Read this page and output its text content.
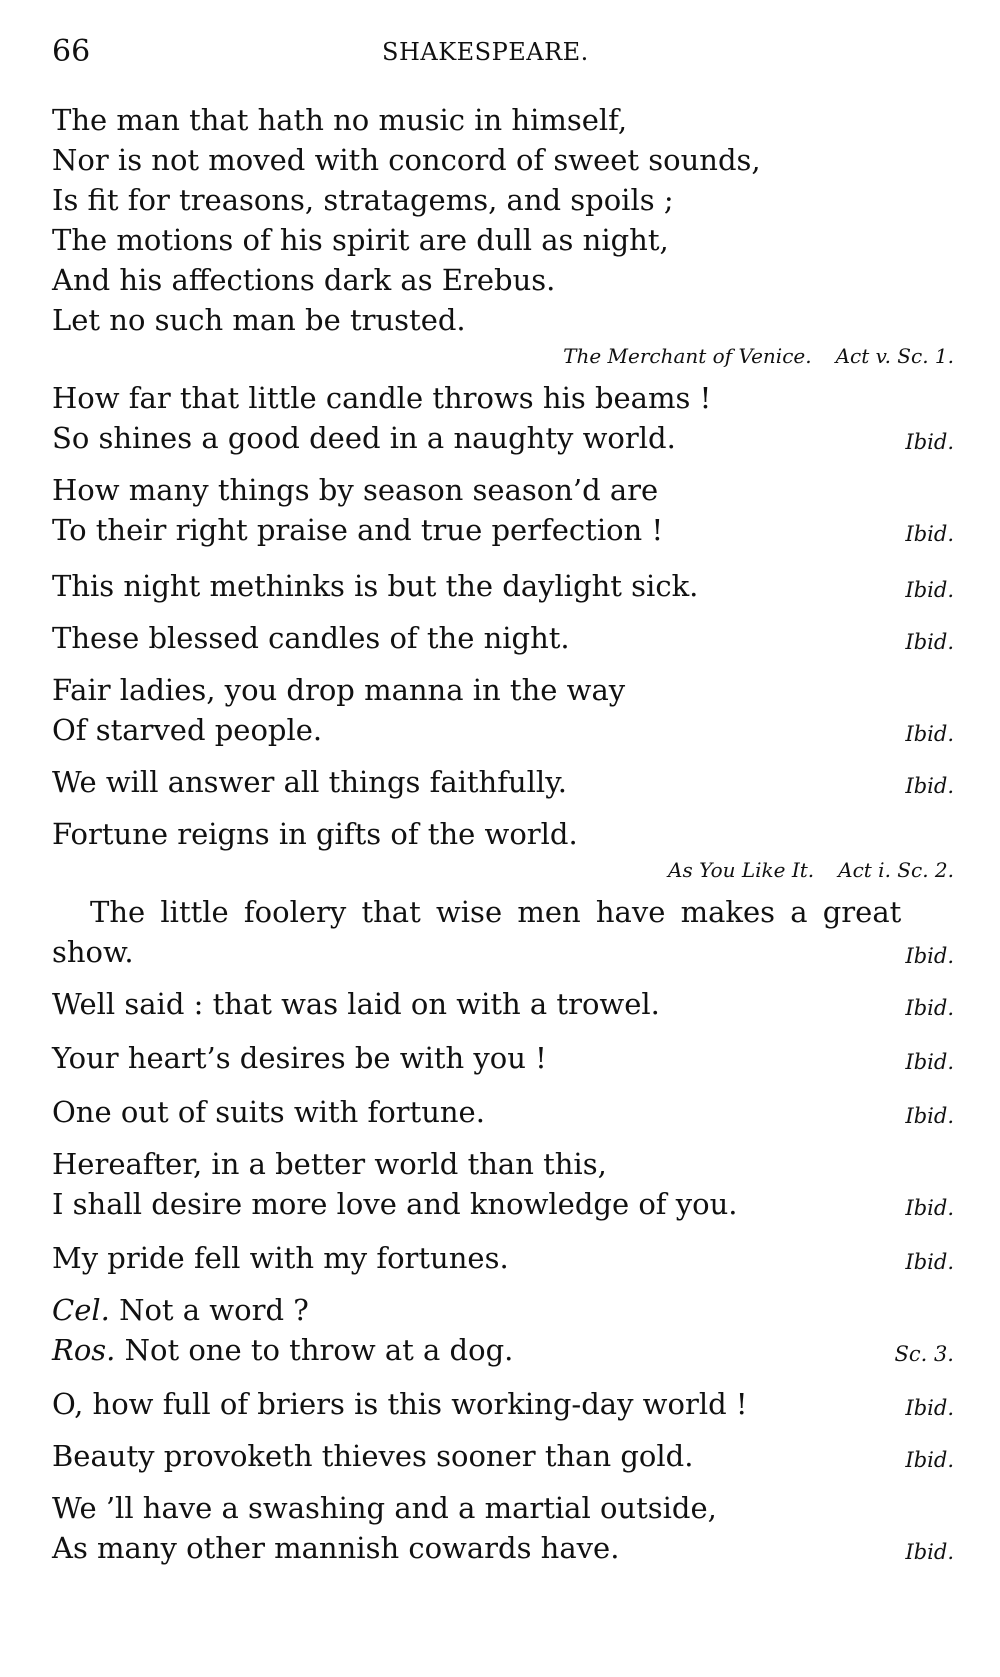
66	SHAKESPEARE.
The man that hath no music in himself,
Nor is not moved with concord of sweet sounds,
Is fit for treasons, stratagems, and spoils ;
The motions of his spirit are dull as night,
And his affections dark as Erebus.
Let no such man be trusted.
The Merchant of Venice. Act v. Sc. 1.
How far that little candle throws his beams !
So shines a good deed in a naughty world.	Ibid.
How many things by season season’d are
To their right praise and true perfection !	Ibid.
This night methinks is but the daylight sick.	Ibid.
These blessed candles of the night.	Ibid.
Fair ladies, you drop manna in the way
Of starved people.	Ibid.
We will answer all things faithfully.	Ibid.
Fortune reigns in gifts of the world.
As You Like It. Act i. Sc. 2.
The little foolery that wise men have makes a great
show.	Ibid.
Well said : that was laid on with a trowel.	Ibid.
Your heart’s desires be with you !	Ibid.
One out of suits with fortune.	Ibid.
Hereafter, in a better world than this,
I shall desire more love and knowledge of you.	Ibid.
My pride fell with my fortunes.	Ibid.
Cel. Not a word ?
Ros. Not one to throw at a dog.	Sc. 3.
O, how full of briers is this working-day world !	Ibid.
Beauty provoketh thieves sooner than gold.	Ibid.
We ’ll have a swashing and a martial outside,
As many other mannish cowards have.	Ibid.
